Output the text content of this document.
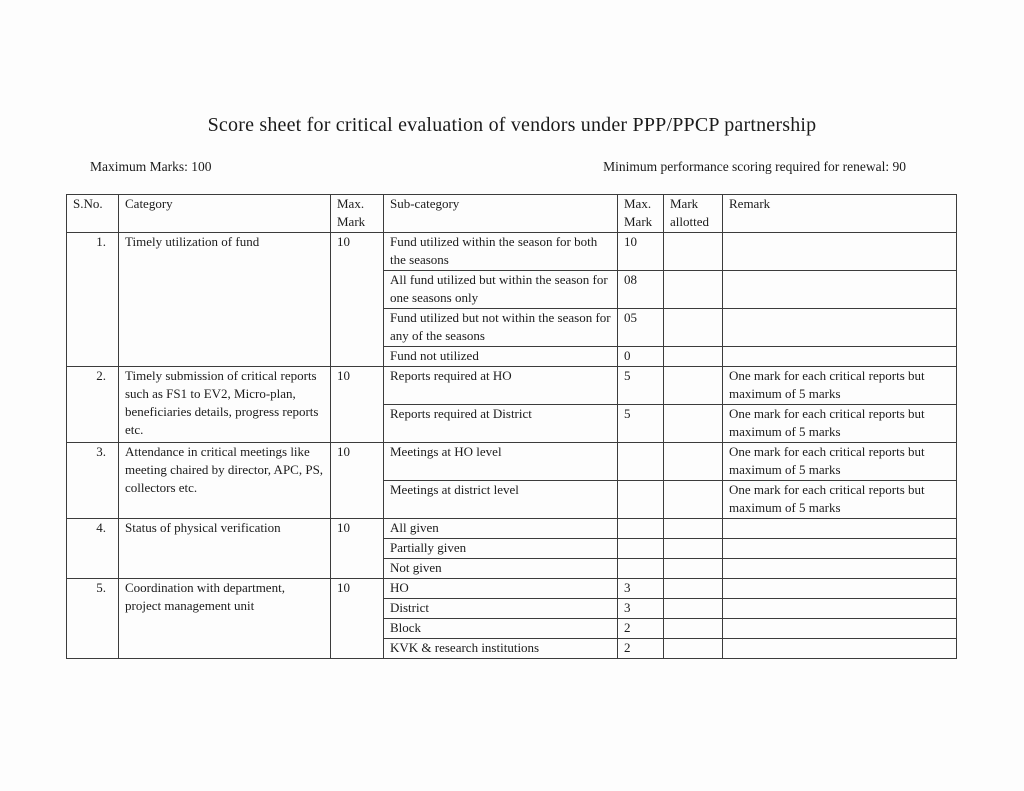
Score sheet for critical evaluation of vendors under PPP/PPCP partnership
Maximum Marks: 100	Minimum performance scoring required for renewal: 90
S.No.	Category	Max. Mark	Sub-category	Max. Mark	Mark allotted	Remark
1.	Timely utilization of fund	10	Fund utilized within the season for both the seasons	10		
			All fund utilized but within the season for one seasons only	08		
			Fund utilized but not within the season for any of the seasons	05		
			Fund not utilized	0		
2.	Timely submission of critical reports such as FS1 to EV2, Micro-plan, beneficiaries details, progress reports etc.	10	Reports required at HO	5		One mark for each critical reports but maximum of 5 marks
			Reports required at District	5		One mark for each critical reports but maximum of 5 marks
3.	Attendance in critical meetings like meeting chaired by director, APC, PS, collectors etc.	10	Meetings at HO level			One mark for each critical reports but maximum of 5 marks
			Meetings at district level			One mark for each critical reports but maximum of 5 marks
4.	Status of physical verification	10	All given			
			Partially given			
			Not given			
5.	Coordination with department, project management unit	10	HO	3		
			District	3		
			Block	2		
			KVK & research institutions	2		
